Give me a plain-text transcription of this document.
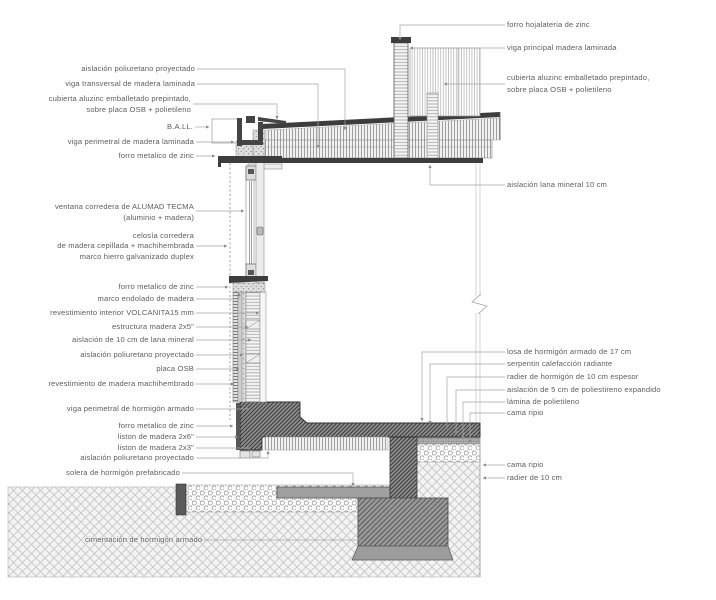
aislación poliuretano proyectado
viga transversal de madera laminada
cubierta aluzinc emballetado prepintado,
sobre placa OSB + polietileno
B.A.LL.
viga perimetral de madera laminada
forro metalico de zinc
ventana corredera de ALUMAD TECMA
(aluminio + madera)
celosía corredera
de madera cepillada + machihembrada
marco hierro galvanizado duplex
forro metalico de zinc
marco endolado de madera
revestimiento interior VOLCANITA15 mm
estructura madera 2x5"
aislación de 10 cm de lana mineral
aislación poliuretano proyectado
placa OSB
revestimiento de madera machihembrado
viga perimetral de hormigón armado
forro metalico de zinc
liston de madera 2x6"
liston de madera 2x3"
aislación poliuretano proyectado
solera de hormigón prefabricado
cimentación de hormigón armado
forro hojalateria de zinc
viga principal madera laminada
cubierta aluzinc emballetado prepintado,
sobre placa OSB + polietileno
aislación lana mineral 10 cm
losa de hormigón armado de 17 cm
serpentin calefacción radiante
radier de hormigón de 10 cm espesor
aislación de 5 cm de poliestireno expandido
lámina de polietileno
cama ripio
cama ripio
radier de 10 cm
